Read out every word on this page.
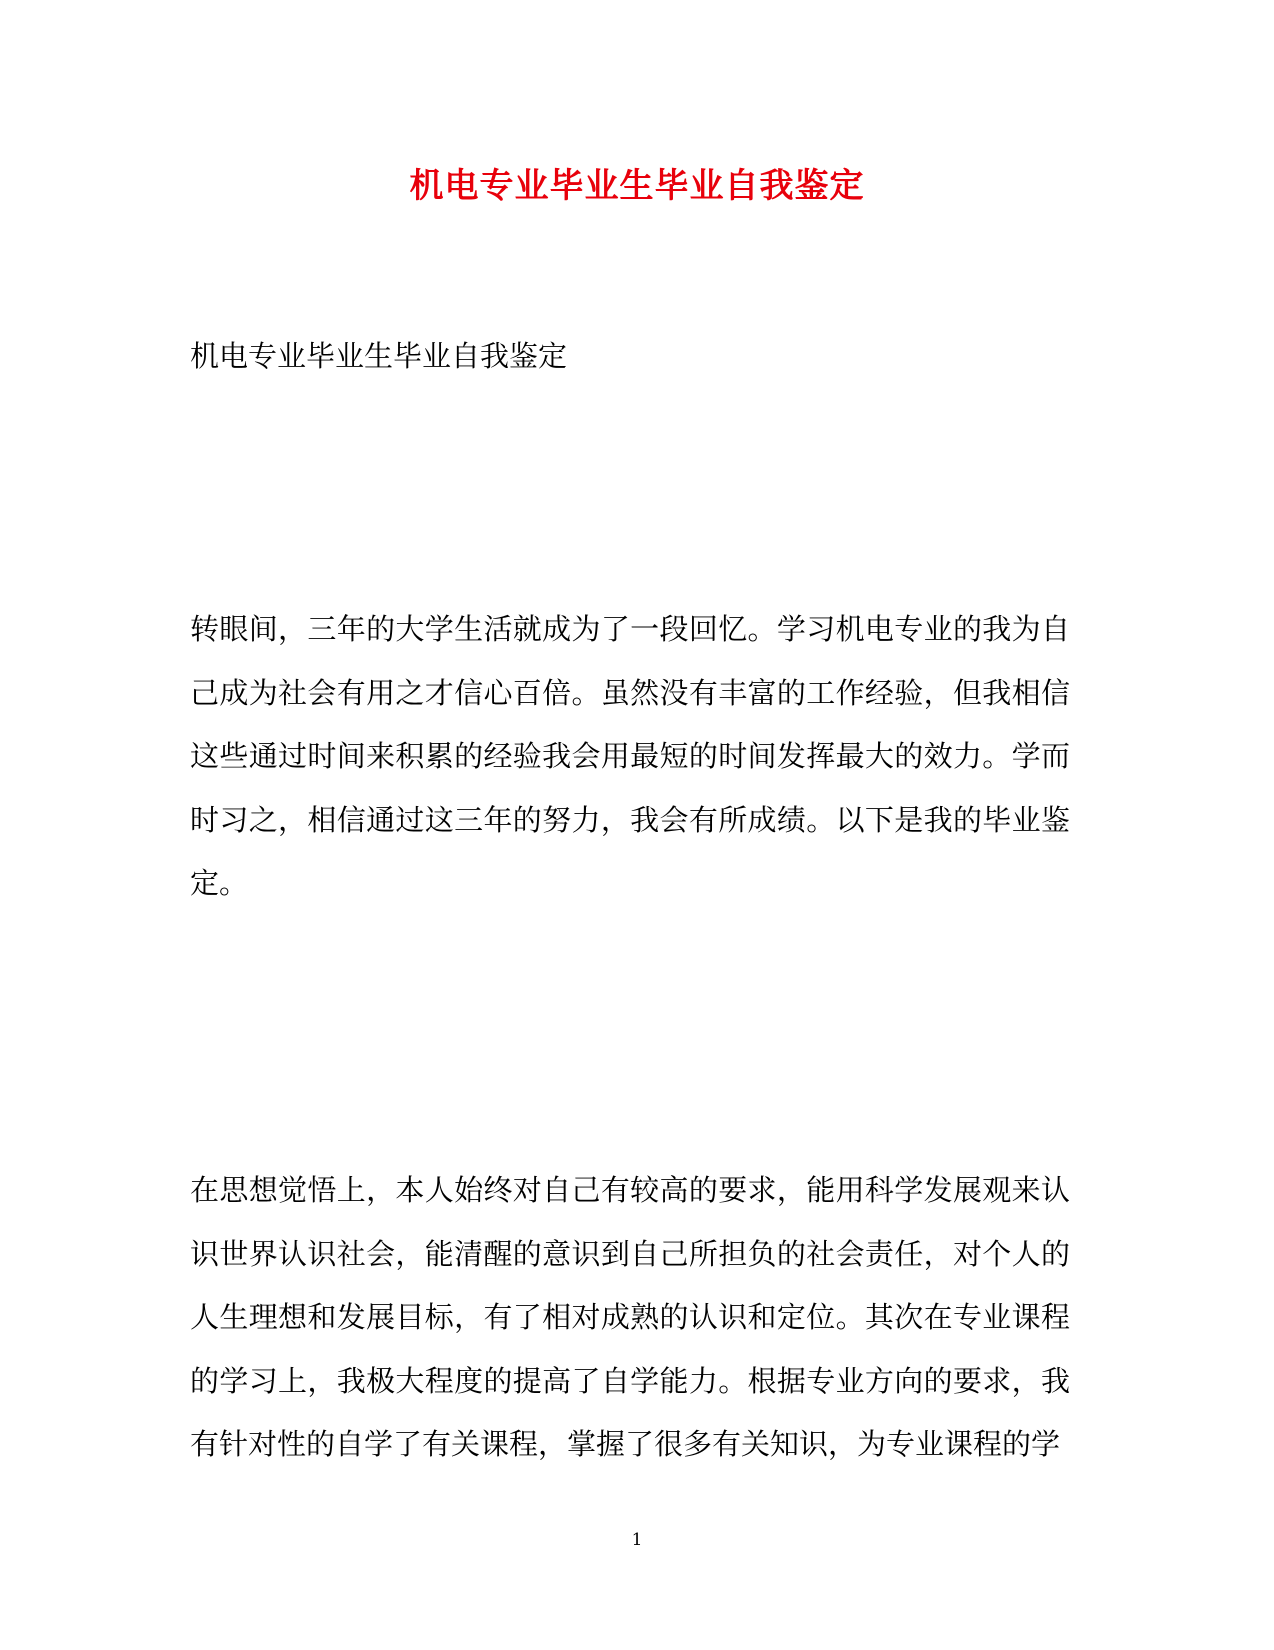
机电专业毕业生毕业自我鉴定

机电专业毕业生毕业自我鉴定

转眼间，三年的大学生活就成为了一段回忆。学习机电专业的我为自己成为社会有用之才信心百倍。虽然没有丰富的工作经验，但我相信这些通过时间来积累的经验我会用最短的时间发挥最大的效力。学而时习之，相信通过这三年的努力，我会有所成绩。以下是我的毕业鉴定。

在思想觉悟上，本人始终对自己有较高的要求，能用科学发展观来认识世界认识社会，能清醒的意识到自己所担负的社会责任，对个人的人生理想和发展目标，有了相对成熟的认识和定位。其次在专业课程的学习上，我极大程度的提高了自学能力。根据专业方向的要求，我有针对性的自学了有关课程，掌握了很多有关知识，为专业课程的学

1
